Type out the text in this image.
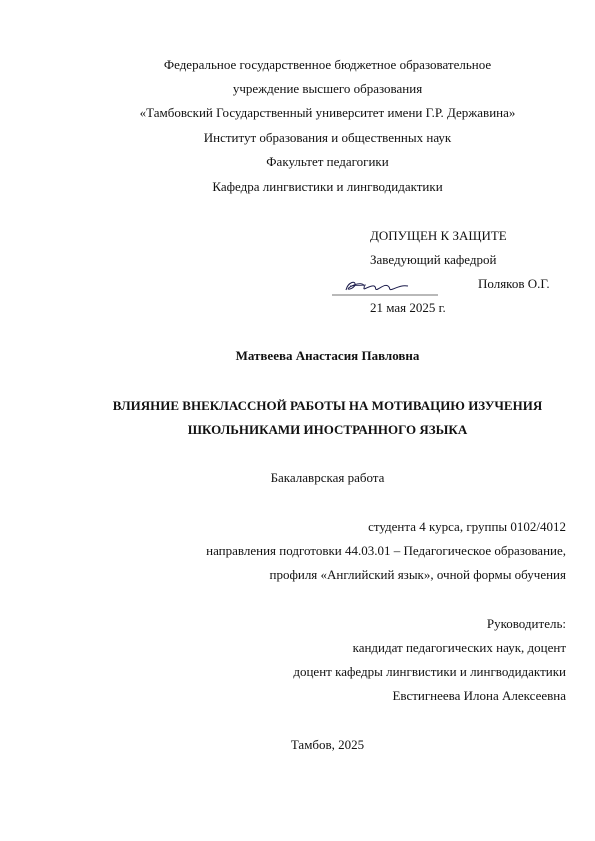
Федеральное государственное бюджетное образовательное
учреждение высшего образования
«Тамбовский Государственный университет имени Г.Р. Державина»
Институт образования и общественных наук
Факультет педагогики
Кафедра лингвистики и лингводидактики
ДОПУЩЕН К ЗАЩИТЕ
Заведующий кафедрой
Поляков О.Г.
21 мая 2025 г.
Матвеева Анастасия Павловна
ВЛИЯНИЕ ВНЕКЛАССНОЙ РАБОТЫ НА МОТИВАЦИЮ ИЗУЧЕНИЯ
ШКОЛЬНИКАМИ ИНОСТРАННОГО ЯЗЫКА
Бакалаврская работа
студента 4 курса, группы 0102/4012
направления подготовки 44.03.01 – Педагогическое образование,
профиля «Английский язык», очной формы обучения
Руководитель:
кандидат педагогических наук, доцент
доцент кафедры лингвистики и лингводидактики
Евстигнеева Илона Алексеевна
Тамбов, 2025
